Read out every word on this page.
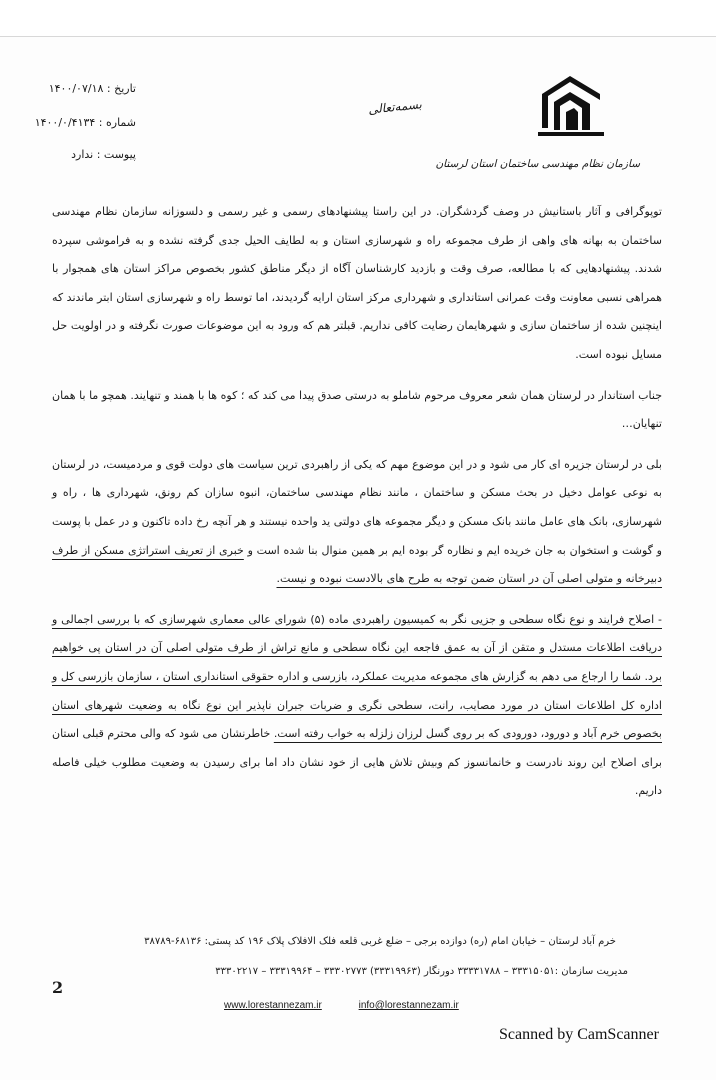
تاریخ : ۱۴۰۰/۰۷/۱۸
شماره : ۱۴۰۰/۰/۴۱۳۴
پیوست : ندارد
بسمه‌تعالی
سازمان نظام مهندسی ساختمان استان لرستان

توپوگرافی و آثار باستانیش در وصف گردشگران. در این راستا پیشنهادهای رسمی و غیر رسمی و دلسوزانه سازمان نظام مهندسی ساختمان به بهانه های واهی از طرف مجموعه راه و شهرسازی استان و به لطایف الحیل جدی گرفته نشده و به فراموشی سپرده شدند. پیشنهادهایی که با مطالعه، صرف وقت و بازدید کارشناسان آگاه از دیگر مناطق کشور بخصوص مراکز استان های همجوار با همراهی نسبی معاونت وقت عمرانی استانداری و شهرداری مرکز استان ارایه گردیدند، اما توسط راه و شهرسازی استان ابتر ماندند که اینچنین شده از ساختمان سازی و شهرهایمان رضایت کافی نداریم. قبلتر هم که ورود به این موضوعات صورت نگرفته و در اولویت حل مسایل نبوده است.

جناب استاندار در لرستان همان شعر معروف مرحوم شاملو به درستی صدق پیدا می کند که ؛ کوه ها با همند و تنهایند. همچو ما با همان تنهایان…

بلی در لرستان جزیره ای کار می شود و در این موضوع مهم که یکی از راهبردی ترین سیاست های دولت قوی و مردمیست، در لرستان به نوعی عوامل دخیل در بحث مسکن و ساختمان ، مانند نظام مهندسی ساختمان، انبوه سازان کم رونق، شهرداری ها ، راه و شهرسازی، بانک های عامل مانند بانک مسکن و دیگر مجموعه های دولتی ید واحده نیستند و هر آنچه رخ داده تاکنون و در عمل با پوست و گوشت و استخوان به جان خریده ایم و نظاره گر بوده ایم بر همین منوال بنا شده است و خبری از تعریف استراتژی مسکن از طرف دبیرخانه و متولی اصلی آن در استان ضمن توجه به طرح های بالادست نبوده و نیست.

- اصلاح فرایند و نوع نگاه سطحی و جزیی نگر به کمیسیون راهبردی ماده (۵) شورای عالی معماری شهرسازی که با بررسی اجمالی و دریافت اطلاعات مستدل و متقن از آن به عمق فاجعه این نگاه سطحی و مانع تراش از طرف متولی اصلی آن در استان پی خواهیم برد. شما را ارجاع می دهم به گزارش های مجموعه مدیریت عملکرد، بازرسی و اداره حقوقی استانداری استان ، سازمان بازرسی کل و اداره کل اطلاعات استان در مورد مصایب، رانت، سطحی نگری و ضربات جبران ناپذیر این نوع نگاه به وضعیت شهرهای استان بخصوص خرم آباد و دورود، دورودی که بر روی گسل لرزان زلزله به خواب رفته است. خاطرنشان می شود که والی محترم قبلی استان برای اصلاح این روند نادرست و خانمانسوز کم وبیش تلاش هایی از خود نشان داد اما برای رسیدن به وضعیت مطلوب خیلی فاصله داریم.

خرم آباد لرستان – خیابان امام (ره) دوازده برجی – ضلع غربی قلعه فلک الافلاک پلاک ۱۹۶ کد پستی: ۶۸۱۳۶-۳۸۷۸۹
مدیریت سازمان :۳۳۳۱۵۰۵۱ – ۳۳۳۳۱۷۸۸ دورنگار (۳۳۳۱۹۹۶۳) ۳۳۳۰۲۷۷۳ – ۳۳۳۱۹۹۶۴ – ۳۳۳۰۲۲۱۷
2
www.lorestannezam.ir	info@lorestannezam.ir
Scanned by CamScanner
